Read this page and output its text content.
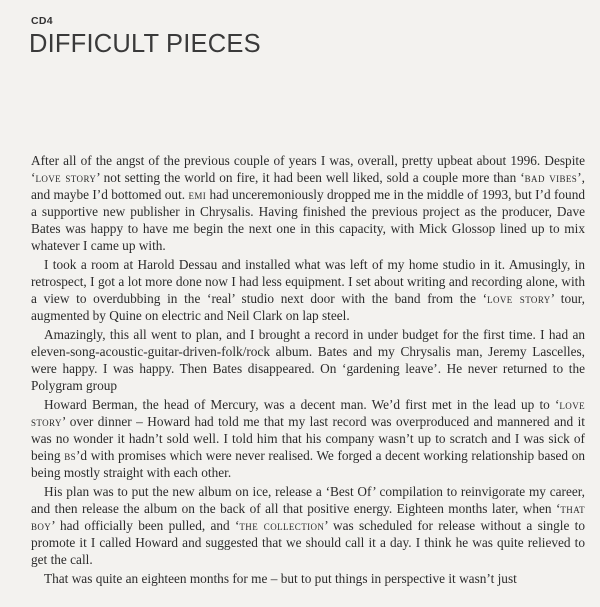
CD4
DIFFICULT PIECES

After all of the angst of the previous couple of years I was, overall, pretty upbeat about 1996. Despite ‘love story’ not setting the world on fire, it had been well liked, sold a couple more than ‘bad vibes’, and maybe I’d bottomed out. emi had unceremoniously dropped me in the middle of 1993, but I’d found a supportive new publisher in Chrysalis. Having finished the previous project as the producer, Dave Bates was happy to have me begin the next one in this capacity, with Mick Glossop lined up to mix whatever I came up with.

I took a room at Harold Dessau and installed what was left of my home studio in it. Amusingly, in retrospect, I got a lot more done now I had less equipment. I set about writing and recording alone, with a view to overdubbing in the ‘real’ studio next door with the band from the ‘love story’ tour, augmented by Quine on electric and Neil Clark on lap steel.

Amazingly, this all went to plan, and I brought a record in under budget for the first time. I had an eleven-song-acoustic-guitar-driven-folk/rock album. Bates and my Chrysalis man, Jeremy Lascelles, were happy. I was happy. Then Bates disappeared. On ‘gardening leave’. He never returned to the Polygram group

Howard Berman, the head of Mercury, was a decent man. We’d first met in the lead up to ‘love story’ over dinner – Howard had told me that my last record was overproduced and mannered and it was no wonder it hadn’t sold well. I told him that his company wasn’t up to scratch and I was sick of being bs’d with promises which were never realised. We forged a decent working relationship based on being mostly straight with each other.

His plan was to put the new album on ice, release a ‘Best Of’ compilation to reinvigorate my career, and then release the album on the back of all that positive energy. Eighteen months later, when ‘that boy’ had officially been pulled, and ‘the collection’ was scheduled for release without a single to promote it I called Howard and suggested that we should call it a day. I think he was quite relieved to get the call.

That was quite an eighteen months for me – but to put things in perspective it wasn’t just
